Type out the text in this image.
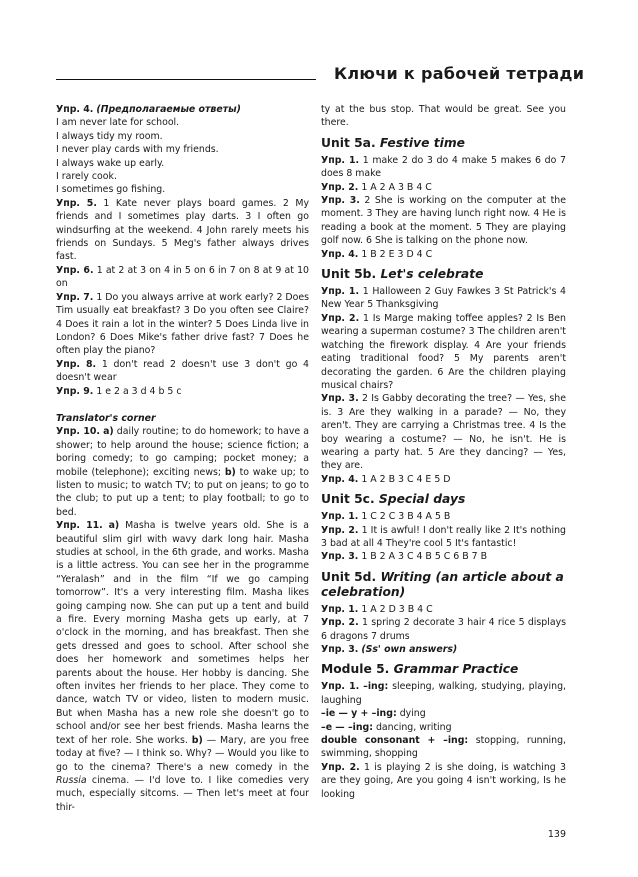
Ключи к рабочей тетради

Упр. 4. (Предполагаемые ответы)

I am never late for school.

I always tidy my room.

I never play cards with my friends.

I always wake up early.

I rarely cook.

I sometimes go fishing.

Упр. 5. 1 Kate never plays board games. 2 My friends and I sometimes play darts. 3 I often go windsurfing at the weekend. 4 John rarely meets his friends on Sundays. 5 Meg's father always drives fast.

Упр. 6. 1 at 2 at 3 on 4 in 5 on 6 in 7 on 8 at 9 at 10 on

Упр. 7. 1 Do you always arrive at work early? 2 Does Tim usually eat breakfast? 3 Do you often see Claire? 4 Does it rain a lot in the winter? 5 Does Linda live in London? 6 Does Mike's father drive fast? 7 Does he often play the piano?

Упр. 8. 1 don't read 2 doesn't use 3 don't go 4 doesn't wear

Упр. 9. 1 e 2 a 3 d 4 b 5 c

Translator's corner

Упр. 10. a) daily routine; to do homework; to have a shower; to help around the house; science fiction; a boring comedy; to go camping; pocket money; a mobile (telephone); exciting news; b) to wake up; to listen to music; to watch TV; to put on jeans; to go to the club; to put up a tent; to play football; to go to bed.

Упр. 11. a) Masha is twelve years old. She is a beautiful slim girl with wavy dark long hair. Masha studies at school, in the 6th grade, and works. Masha is a little actress. You can see her in the programme “Yeralash” and in the film “If we go camping tomorrow”. It's a very interesting film. Masha likes going camping now. She can put up a tent and build a fire. Every morning Masha gets up early, at 7 o'clock in the morning, and has breakfast. Then she gets dressed and goes to school. After school she does her homework and sometimes helps her parents about the house. Her hobby is dancing. She often invites her friends to her place. They come to dance, watch TV or video, listen to modern music. But when Masha has a new role she doesn't go to school and/or see her best friends. Masha learns the text of her role. She works. b) — Mary, are you free today at five? — I think so. Why? — Would you like to go to the cinema? There's a new comedy in the Russia cinema. — I'd love to. I like comedies very much, especially sitcoms. — Then let's meet at four thir-

ty at the bus stop. That would be great. See you there.

Unit 5a. Festive time

Упр. 1. 1 make 2 do 3 do 4 make 5 makes 6 do 7 does 8 make

Упр. 2. 1 A 2 A 3 B 4 C

Упр. 3. 2 She is working on the computer at the moment. 3 They are having lunch right now. 4 He is reading a book at the moment. 5 They are playing golf now. 6 She is talking on the phone now.

Упр. 4. 1 B 2 E 3 D 4 C

Unit 5b. Let's celebrate

Упр. 1. 1 Halloween 2 Guy Fawkes 3 St Patrick's 4 New Year 5 Thanksgiving

Упр. 2. 1 Is Marge making toffee apples? 2 Is Ben wearing a superman costume? 3 The children aren't watching the firework display. 4 Are your friends eating traditional food? 5 My parents aren't decorating the garden. 6 Are the children playing musical chairs?

Упр. 3. 2 Is Gabby decorating the tree? — Yes, she is. 3 Are they walking in a parade? — No, they aren't. They are carrying a Christmas tree. 4 Is the boy wearing a costume? — No, he isn't. He is wearing a party hat. 5 Are they dancing? — Yes, they are.

Упр. 4. 1 A 2 B 3 C 4 E 5 D

Unit 5c. Special days

Упр. 1. 1 C 2 C 3 B 4 A 5 B

Упр. 2. 1 It is awful! I don't really like 2 It's nothing 3 bad at all 4 They're cool 5 It's fantastic!

Упр. 3. 1 B 2 A 3 C 4 B 5 C 6 B 7 B

Unit 5d. Writing (an article about a celebration)

Упр. 1. 1 A 2 D 3 B 4 C

Упр. 2. 1 spring 2 decorate 3 hair 4 rice 5 displays 6 dragons 7 drums

Упр. 3. (Ss' own answers)

Module 5. Grammar Practice

Упр. 1. –ing: sleeping, walking, studying, playing, laughing

–ie — y + –ing: dying

–e — –ing: dancing, writing

double consonant + –ing: stopping, running, swimming, shopping

Упр. 2. 1 is playing 2 is she doing, is watching 3 are they going, Are you going 4 isn't working, Is he looking

139
